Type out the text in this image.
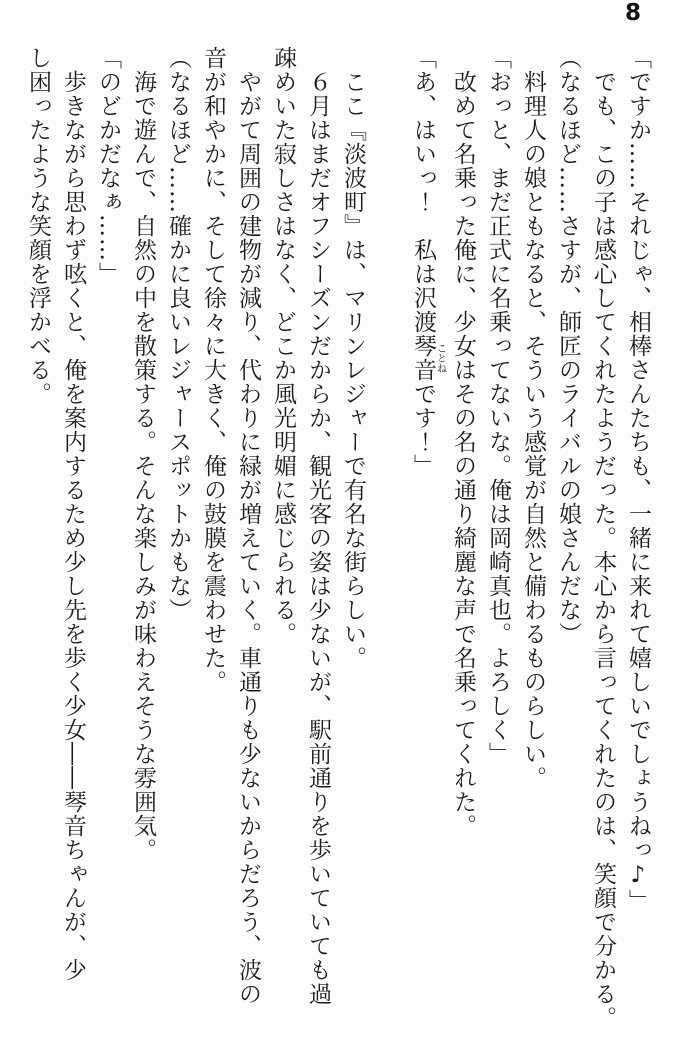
8

「ですか……それじゃ、相棒さんたちも、一緒に来れて嬉しいでしょうねっ♪」

でも、この子は感心してくれたようだった。本心から言ってくれたのは、笑顔で分かる。

（なるほど……さすが、師匠のライバルの娘さんだな）

料理人の娘ともなると、そういう感覚が自然と備わるものらしい。

「おっと、まだ正式に名乗ってないな。俺は岡崎真也。よろしく」

改めて名乗った俺に、少女はその名の通り綺麗な声で名乗ってくれた。

「あ、はいっ！　私は沢渡琴音ことねです！」

ここ『淡波町』は、マリンレジャーで有名な街らしい。

６月はまだオフシーズンだからか、観光客の姿は少ないが、駅前通りを歩いていても過

疎めいた寂しさはなく、どこか風光明媚に感じられる。

やがて周囲の建物が減り、代わりに緑が増えていく。車通りも少ないからだろう、波の

音が和やかに、そして徐々に大きく、俺の鼓膜を震わせた。

（なるほど……確かに良いレジャースポットかもな）

海で遊んで、自然の中を散策する。そんな楽しみが味わえそうな雰囲気。

「のどかだなぁ……」

歩きながら思わず呟くと、俺を案内するため少し先を歩く少女――琴音ちゃんが、少

し困ったような笑顔を浮かべる。
